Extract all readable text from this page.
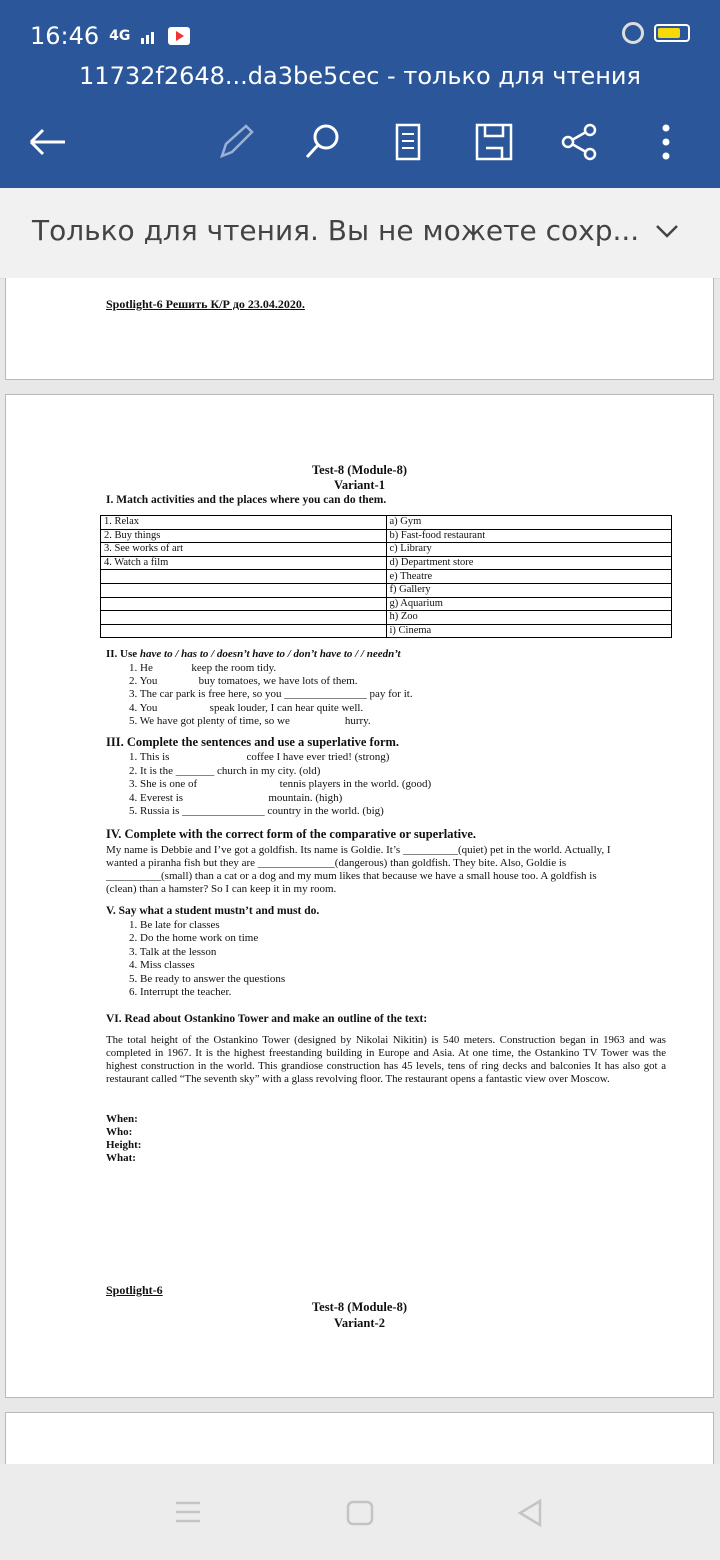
16:46 4G
11732f2648...da3be5cec - только для чтения
Только для чтения. Вы не можете сохр...
Spotlight-6 Решить К/Р до 23.04.2020.
Test-8 (Module-8)
Variant-1
I. Match activities and the places where you can do them.
1. Relax	a) Gym
2. Buy things	b) Fast-food restaurant
3. See works of art	c) Library
4. Watch a film	d) Department store
	e) Theatre
	f) Gallery
	g) Aquarium
	h) Zoo
	i) Cinema
II. Use have to / has to / doesn’t have to / don’t have to / / needn’t
1. He              keep the room tidy.
2. You               buy tomatoes, we have lots of them.
3. The car park is free here, so you _______________ pay for it.
4. You                   speak louder, I can hear quite well.
5. We have got plenty of time, so we                    hurry.
III. Complete the sentences and use a superlative form.
1. This is                            coffee I have ever tried! (strong)
2. It is the _______ church in my city. (old)
3. She is one of                              tennis players in the world. (good)
4. Everest is                               mountain. (high)
5. Russia is _______________ country in the world. (big)
IV. Complete with the correct form of the comparative or superlative.
My name is Debbie and I’ve got a goldfish. Its name is Goldie. It’s __________(quiet) pet in the world. Actually, I
wanted a piranha fish but they are ______________(dangerous) than goldfish. They bite. Also, Goldie is
__________(small) than a cat or a dog and my mum likes that because we have a small house too. A goldfish is
(clean) than a hamster? So I can keep it in my room.
V. Say what a student mustn’t and must do.
1. Be late for classes
2. Do the home work on time
3. Talk at the lesson
4. Miss classes
5. Be ready to answer the questions
6. Interrupt the teacher.
VI. Read about Ostankino Tower and make an outline of the text:
The total height of the Ostankino Tower (designed by Nikolai Nikitin) is 540 meters. Construction began in 1963 and was completed in 1967. It is the highest freestanding building in Europe and Asia. At one time, the Ostankino TV Tower was the highest construction in the world. This grandiose construction has 45 levels, tens of ring decks and balconies It has also got a restaurant called “The seventh sky” with a glass revolving floor. The restaurant opens a fantastic view over Moscow.
When:
Who:
Height:
What:
Spotlight-6
Test-8 (Module-8)
Variant-2
